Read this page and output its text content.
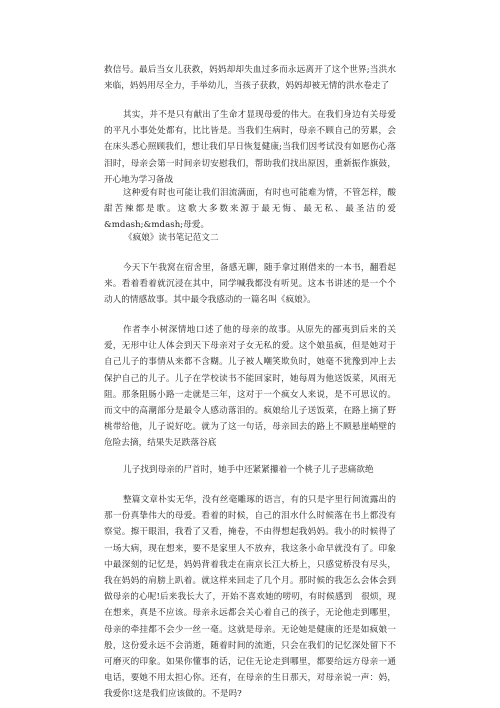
救信号。最后当女儿获救，妈妈却却失血过多而永远离开了这个世界;当洪水来临，妈妈用尽全力，手举幼儿，当孩子获救，妈妈却被无情的洪水卷走了

其实，并不是只有献出了生命才显现母爱的伟大。在我们身边有关母爱的平凡小事处处都有，比比皆是。当我们生病时，母亲不顾自己的劳累，会在床头悉心照顾我们，想让我们早日恢复健康;当我们因考试没有如愿伤心落泪时，母亲会第一时间亲切安慰我们，帮助我们找出原因，重新振作旗鼓，开心地为学习备战

这种爱有时也可能让我们泪流满面，有时也可能难为情，不管怎样，酸甜苦辣都是歌。这歌大多数来源于最无悔、最无私、最圣洁的爱&mdash;&mdash;母爱。

《疯娘》读书笔记范文二

今天下午我窝在宿舍里，备感无聊，随手拿过刚借来的一本书，翻看起来。看着看着就沉浸在其中，同学喊我都没有听见。这本书讲述的是一个个动人的情感故事。其中最令我感动的一篇名叫《疯娘》。

作者李小树深情地口述了他的母亲的故事。从原先的鄙夷到后来的关爱，无形中让人体会到天下母亲对子女无私的爱。这个娘虽疯，但是她对于自己儿子的事情从来都不含糊。儿子被人嘲笑欺负时，她毫不犹豫到冲上去保护自己的儿子。儿子在学校读书不能回家时，她每周为他送饭菜，风雨无阻。那条阻肠小路一走就是三年，这对于一个疯女人来说，是不可思议的。而文中的高潮部分是最令人感动落泪的。疯娘给儿子送饭菜，在路上摘了野桃带给他，儿子说好吃。就为了这一句话，母亲回去的路上不顾悬崖峭壁的危险去摘，结果失足跌落谷底

儿子找到母亲的尸首时，她手中还紧紧攥着一个桃子儿子悲痛欲绝

整篇文章朴实无华，没有丝毫雕琢的语言，有的只是字里行间流露出的那一份真挚伟大的母爱。看着的时候，自己的泪水什么时候落在书上都没有察觉。擦干眼泪，我看了又看，掩卷，不由得想起我妈妈。我小的时候得了一场大病，现在想来，要不是家里人不放弃，我这条小命早就没有了。印象中最深刻的记忆是，妈妈背着我走在南京长江大桥上，只感觉桥没有尽头，我在妈妈的肩膀上趴着。就这样来回走了几个月。那时候的我怎么会体会到做母亲的心呢!后来我长大了，开始不喜欢她的唠叨，有时候感到　很烦，现在想来，真是不应该。母亲永远都会关心着自己的孩子，无论他走到哪里，母亲的牵挂都不会少一丝一毫。这就是母亲。无论她是健康的还是如疯娘一般，这份爱永远不会消逝，随着时间的流逝，只会在我们的记忆深处留下不可磨灭的印象。如果你懂事的话，记住无论走到哪里，都要给远方母亲一通电话，要她不用太担心你。还有，在母亲的生日那天，对母亲说一声：妈，我爱你!这是我们应该做的。不是吗?
